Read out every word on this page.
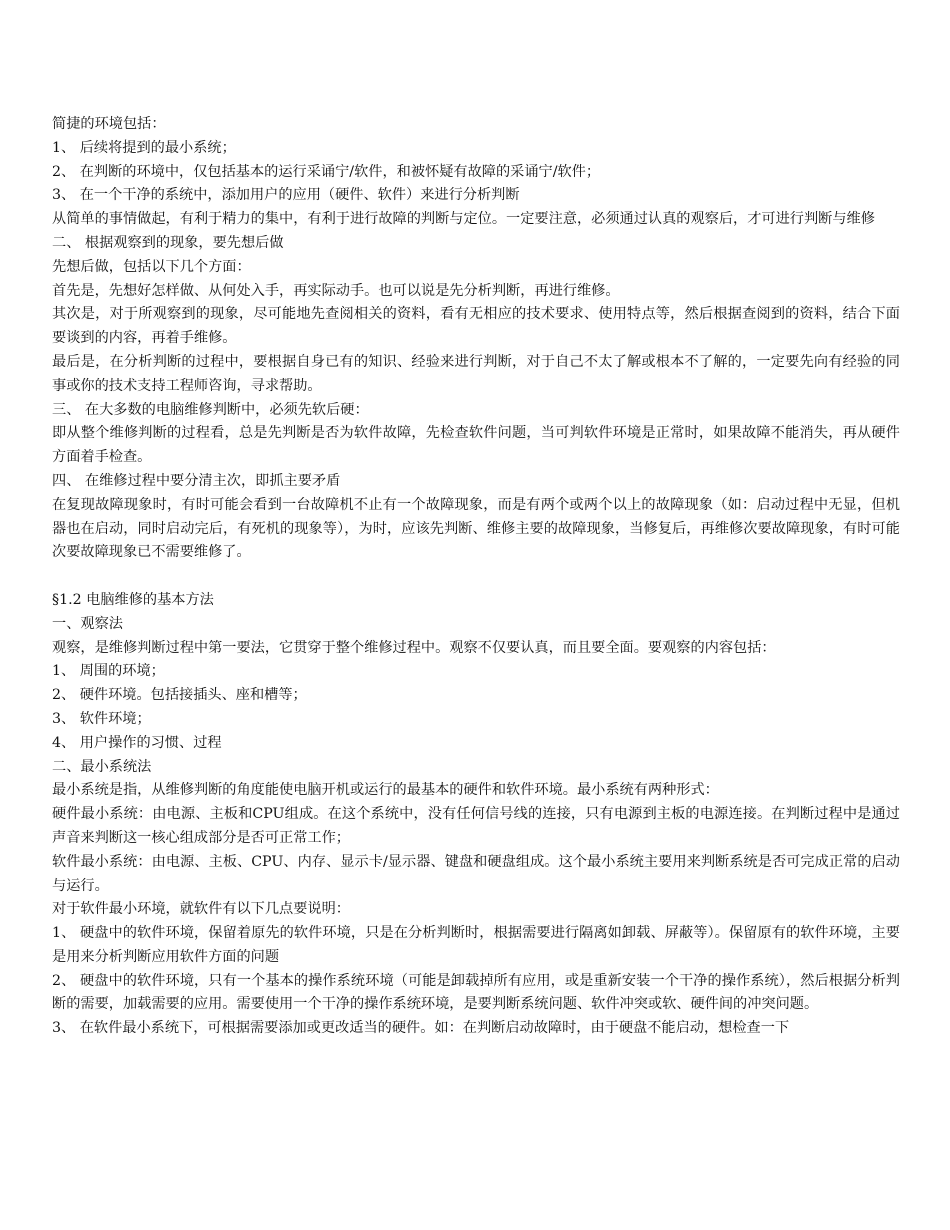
简捷的环境包括：
1、 后续将提到的最小系统；
2、 在判断的环境中，仅包括基本的运行采诵宁/软件，和被怀疑有故障的采诵宁/软件；
3、 在一个干净的系统中，添加用户的应用（硬件、软件）来进行分析判断
从简单的事情做起，有利于精力的集中，有利于进行故障的判断与定位。一定要注意，必须通过认真的观察后，才可进行判断与维修
二、 根据观察到的现象，要先想后做
先想后做，包括以下几个方面：
首先是，先想好怎样做、从何处入手，再实际动手。也可以说是先分析判断，再进行维修。
其次是，对于所观察到的现象，尽可能地先查阅相关的资料，看有无相应的技术要求、使用特点等，然后根据查阅到的资料，结合下面要谈到的内容，再着手维修。
最后是，在分析判断的过程中，要根据自身已有的知识、经验来进行判断，对于自己不太了解或根本不了解的，一定要先向有经验的同事或你的技术支持工程师咨询，寻求帮助。
三、 在大多数的电脑维修判断中，必须先软后硬：
即从整个维修判断的过程看，总是先判断是否为软件故障，先检查软件问题，当可判软件环境是正常时，如果故障不能消失，再从硬件方面着手检查。
四、 在维修过程中要分清主次，即抓主要矛盾
在复现故障现象时，有时可能会看到一台故障机不止有一个故障现象，而是有两个或两个以上的故障现象（如：启动过程中无显，但机器也在启动，同时启动完后，有死机的现象等），为时，应该先判断、维修主要的故障现象，当修复后，再维修次要故障现象，有时可能次要故障现象已不需要维修了。
§1.2 电脑维修的基本方法
一、观察法
观察，是维修判断过程中第一要法，它贯穿于整个维修过程中。观察不仅要认真，而且要全面。要观察的内容包括：
1、 周围的环境；
2、 硬件环境。包括接插头、座和槽等；
3、 软件环境；
4、 用户操作的习惯、过程
二、最小系统法
最小系统是指，从维修判断的角度能使电脑开机或运行的最基本的硬件和软件环境。最小系统有两种形式：
硬件最小系统：由电源、主板和CPU组成。在这个系统中，没有任何信号线的连接，只有电源到主板的电源连接。在判断过程中是通过声音来判断这一核心组成部分是否可正常工作；
软件最小系统：由电源、主板、CPU、内存、显示卡/显示器、键盘和硬盘组成。这个最小系统主要用来判断系统是否可完成正常的启动与运行。
对于软件最小环境，就软件有以下几点要说明：
1、 硬盘中的软件环境，保留着原先的软件环境，只是在分析判断时，根据需要进行隔离如卸载、屏蔽等）。保留原有的软件环境，主要是用来分析判断应用软件方面的问题
2、 硬盘中的软件环境，只有一个基本的操作系统环境（可能是卸载掉所有应用，或是重新安装一个干净的操作系统），然后根据分析判断的需要，加载需要的应用。需要使用一个干净的操作系统环境，是要判断系统问题、软件冲突或软、硬件间的冲突问题。
3、 在软件最小系统下，可根据需要添加或更改适当的硬件。如：在判断启动故障时，由于硬盘不能启动，想检查一下
